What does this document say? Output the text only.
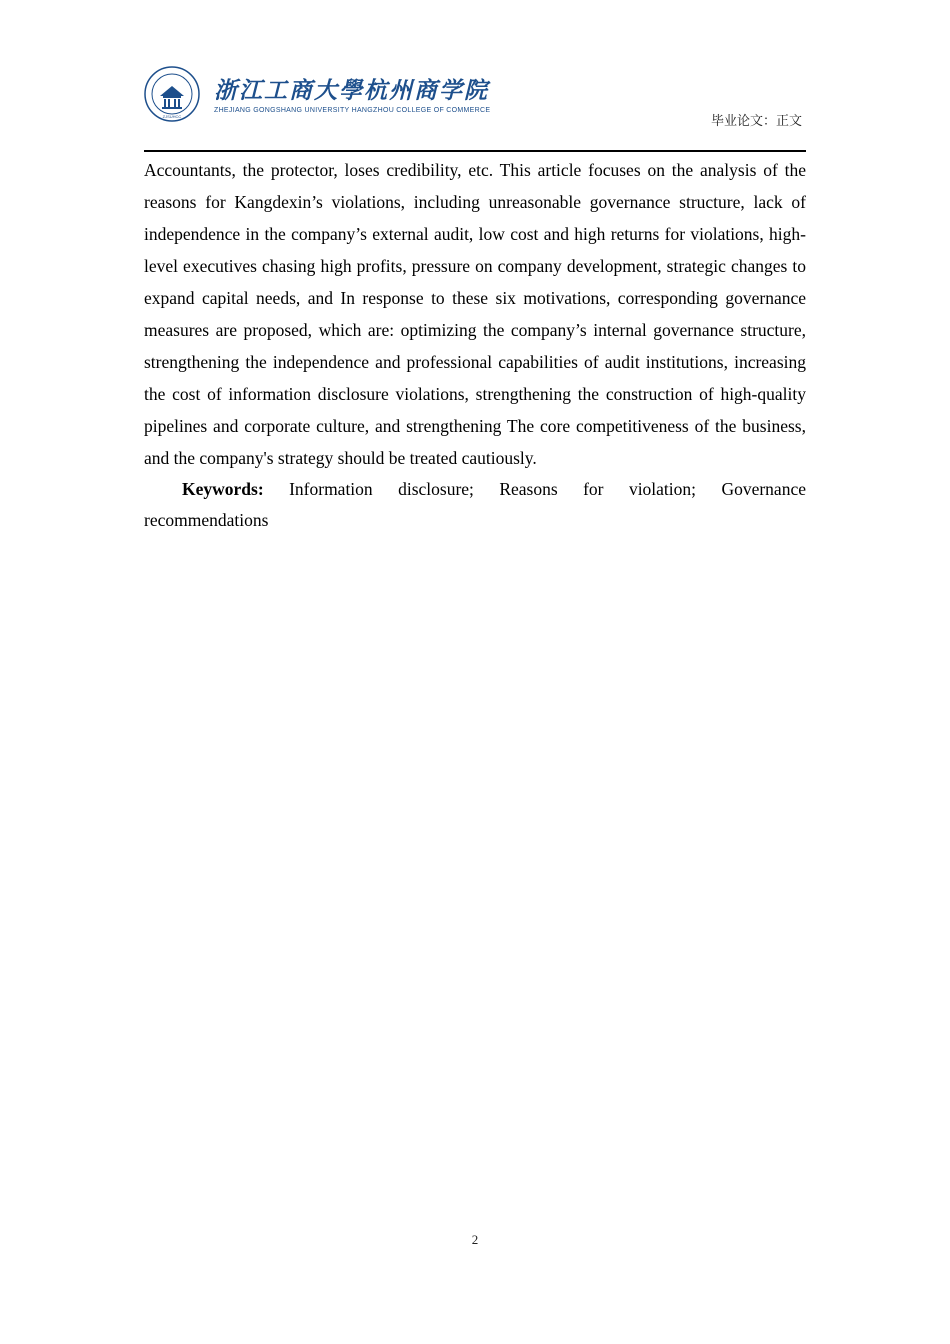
ZJSUHCC
浙江工商大學杭州商学院
ZHEJIANG GONGSHANG UNIVERSITY HANGZHOU COLLEGE OF COMMERCE
毕业论文：正文

Accountants, the protector, loses credibility, etc. This article focuses on the analysis of the reasons for Kangdexin’s violations, including unreasonable governance structure, lack of independence in the company’s external audit, low cost and high returns for violations, high-level executives chasing high profits, pressure on company development, strategic changes to expand capital needs, and In response to these six motivations, corresponding governance measures are proposed, which are: optimizing the company’s internal governance structure, strengthening the independence and professional capabilities of audit institutions, increasing the cost of information disclosure violations, strengthening the construction of high-quality pipelines and corporate culture, and strengthening The core competitiveness of the business, and the company's strategy should be treated cautiously.

Keywords: Information disclosure; Reasons for violation; Governance recommendations

2
